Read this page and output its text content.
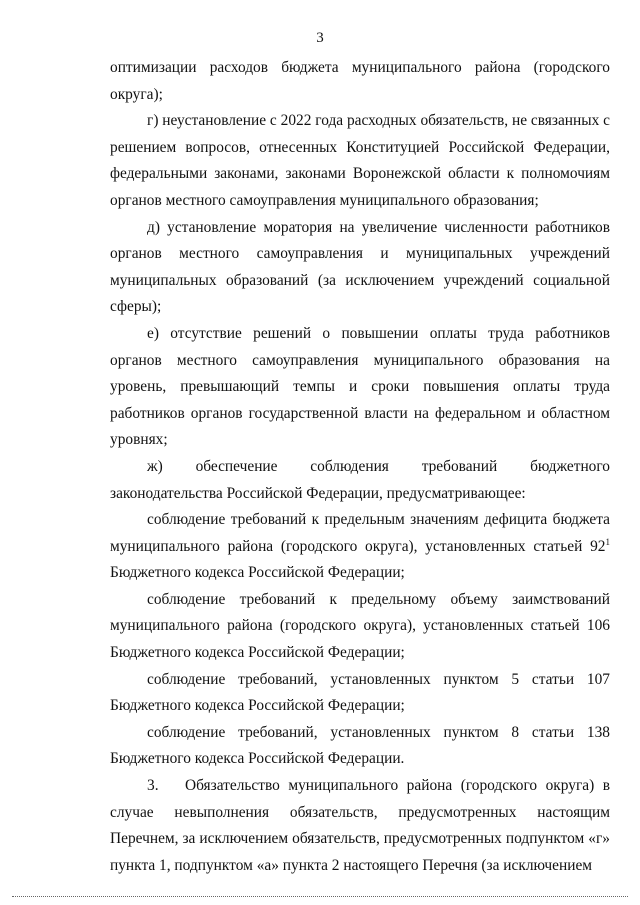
3

оптимизации расходов бюджета муниципального района (городского округа);

г) неустановление с 2022 года расходных обязательств, не связанных с решением вопросов, отнесенных Конституцией Российской Федерации, федеральными законами, законами Воронежской области к полномочиям органов местного самоуправления муниципального образования;

д) установление моратория на увеличение численности работников органов местного самоуправления и муниципальных учреждений муниципальных образований (за исключением учреждений социальной сферы);

е) отсутствие решений о повышении оплаты труда работников органов местного самоуправления муниципального образования на уровень, превышающий темпы и сроки повышения оплаты труда работников органов государственной власти на федеральном и областном уровнях;

ж) обеспечение соблюдения требований бюджетного законодательства Российской Федерации, предусматривающее:

соблюдение требований к предельным значениям дефицита бюджета муниципального района (городского округа), установленных статьей $92^1$ Бюджетного кодекса Российской Федерации;

соблюдение требований к предельному объему заимствований муниципального района (городского округа), установленных статьей 106 Бюджетного кодекса Российской Федерации;

соблюдение требований, установленных пунктом 5 статьи 107 Бюджетного кодекса Российской Федерации;

соблюдение требований, установленных пунктом 8 статьи 138 Бюджетного кодекса Российской Федерации.

3. Обязательство муниципального района (городского округа) в случае невыполнения обязательств, предусмотренных настоящим Перечнем, за исключением обязательств, предусмотренных подпунктом «г» пункта 1, подпунктом «а» пункта 2 настоящего Перечня (за исключением
